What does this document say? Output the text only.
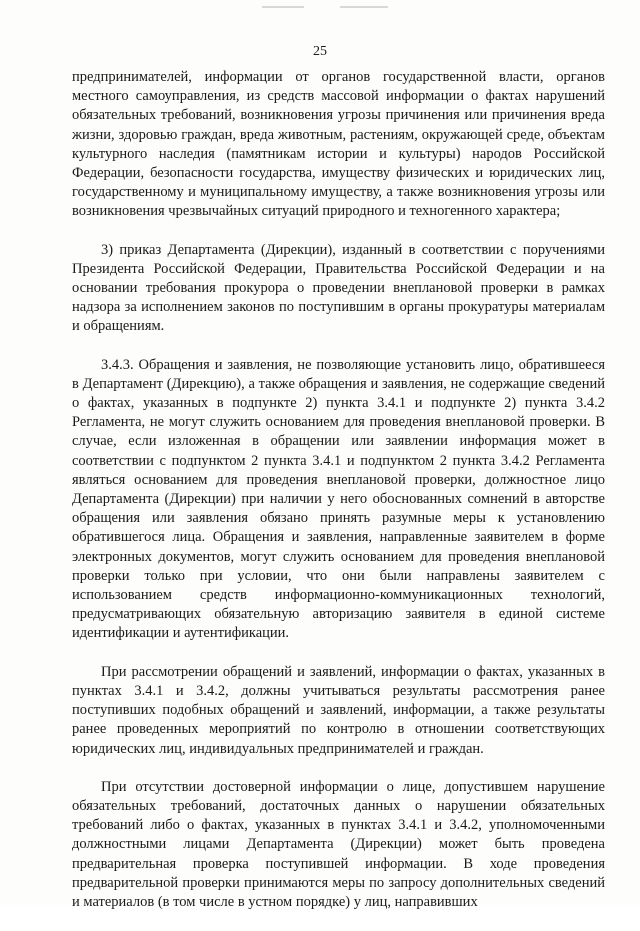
25

предпринимателей, информации от органов государственной власти, органов местного самоуправления, из средств массовой информации о фактах нарушений обязательных требований, возникновения угрозы причинения или причинения вреда жизни, здоровью граждан, вреда животным, растениям, окружающей среде, объектам культурного наследия (памятникам истории и культуры) народов Российской Федерации, безопасности государства, имуществу физических и юридических лиц, государственному и муниципальному имуществу, а также возникновения угрозы или возникновения чрезвычайных ситуаций природного и техногенного характера;

3) приказ Департамента (Дирекции), изданный в соответствии с поручениями Президента Российской Федерации, Правительства Российской Федерации и на основании требования прокурора о проведении внеплановой проверки в рамках надзора за исполнением законов по поступившим в органы прокуратуры материалам и обращениям.

3.4.3. Обращения и заявления, не позволяющие установить лицо, обратившееся в Департамент (Дирекцию), а также обращения и заявления, не содержащие сведений о фактах, указанных в подпункте 2) пункта 3.4.1 и подпункте 2) пункта 3.4.2 Регламента, не могут служить основанием для проведения внеплановой проверки. В случае, если изложенная в обращении или заявлении информация может в соответствии с подпунктом 2 пункта 3.4.1 и подпунктом 2 пункта 3.4.2 Регламента являться основанием для проведения внеплановой проверки, должностное лицо Департамента (Дирекции) при наличии у него обоснованных сомнений в авторстве обращения или заявления обязано принять разумные меры к установлению обратившегося лица. Обращения и заявления, направленные заявителем в форме электронных документов, могут служить основанием для проведения внеплановой проверки только при условии, что они были направлены заявителем с использованием средств информационно-коммуникационных технологий, предусматривающих обязательную авторизацию заявителя в единой системе идентификации и аутентификации.

При рассмотрении обращений и заявлений, информации о фактах, указанных в пунктах 3.4.1 и 3.4.2, должны учитываться результаты рассмотрения ранее поступивших подобных обращений и заявлений, информации, а также результаты ранее проведенных мероприятий по контролю в отношении соответствующих юридических лиц, индивидуальных предпринимателей и граждан.

При отсутствии достоверной информации о лице, допустившем нарушение обязательных требований, достаточных данных о нарушении обязательных требований либо о фактах, указанных в пунктах 3.4.1 и 3.4.2, уполномоченными должностными лицами Департамента (Дирекции) может быть проведена предварительная проверка поступившей информации. В ходе проведения предварительной проверки принимаются меры по запросу дополнительных сведений и материалов (в том числе в устном порядке) у лиц, направивших
